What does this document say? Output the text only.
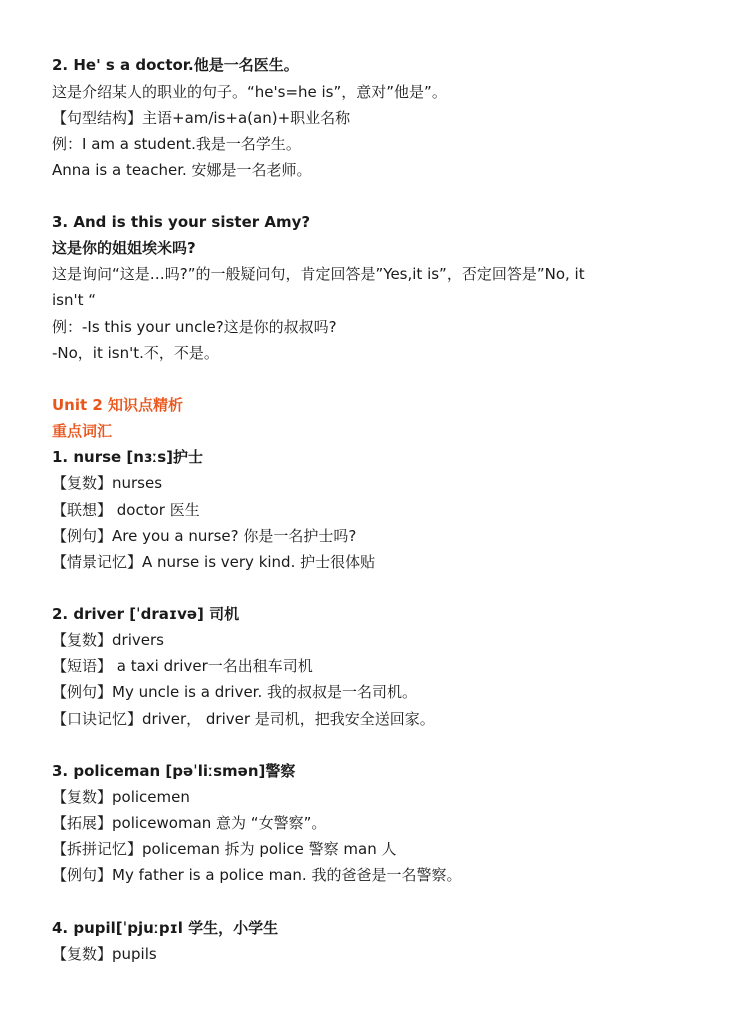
2. He' s a doctor.他是一名医生。
这是介绍某人的职业的句子。“he's=he is”，意对”他是”。
【句型结构】主语+am/is+a(an)+职业名称
例：I am a student.我是一名学生。
Anna is a teacher. 安娜是一名老师。
3. And is this your sister Amy?
这是你的姐姐埃米吗?
这是询问“这是…吗?”的一般疑问句，肯定回答是”Yes,it is”，否定回答是”No, it
isn't “
例：-Is this your uncle?这是你的叔叔吗?
-No，it isn't.不，不是。
Unit 2 知识点精析
重点词汇
1. nurse [nɜːs]护士
【复数】nurses
【联想】 doctor 医生
【例句】Are you a nurse? 你是一名护士吗?
【情景记忆】A nurse is very kind. 护士很体贴
2. driver [ˈdraɪvə] 司机
【复数】drivers
【短语】 a taxi driver一名出租车司机
【例句】My uncle is a driver. 我的叔叔是一名司机。
【口诀记忆】driver， driver 是司机，把我安全送回家。
3. policeman [pəˈliːsmən]警察
【复数】policemen
【拓展】policewoman 意为 “女警察”。
【拆拼记忆】policeman 拆为 police 警察 man 人
【例句】My father is a police man. 我的爸爸是一名警察。
4. pupil[ˈpjuːpɪl 学生，小学生
【复数】pupils
